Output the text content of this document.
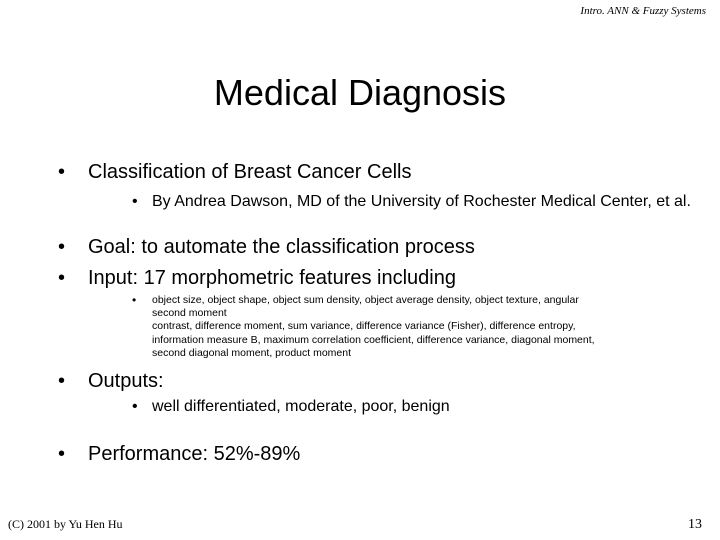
Intro. ANN & Fuzzy Systems
Medical Diagnosis
•	Classification of Breast Cancer Cells
• By Andrea Dawson, MD of the University of Rochester Medical Center, et al.
•	Goal: to automate the classification process
•	Input: 17 morphometric features including
•	object size, object shape, object sum density, object average density, object texture, angular
second moment
contrast, difference moment, sum variance, difference variance (Fisher), difference entropy,
information measure B, maximum correlation coefficient, difference variance, diagonal moment,
second diagonal moment, product moment
•	Outputs:
• well differentiated, moderate, poor, benign
•	Performance: 52%-89%
(C) 2001 by Yu Hen Hu	13
